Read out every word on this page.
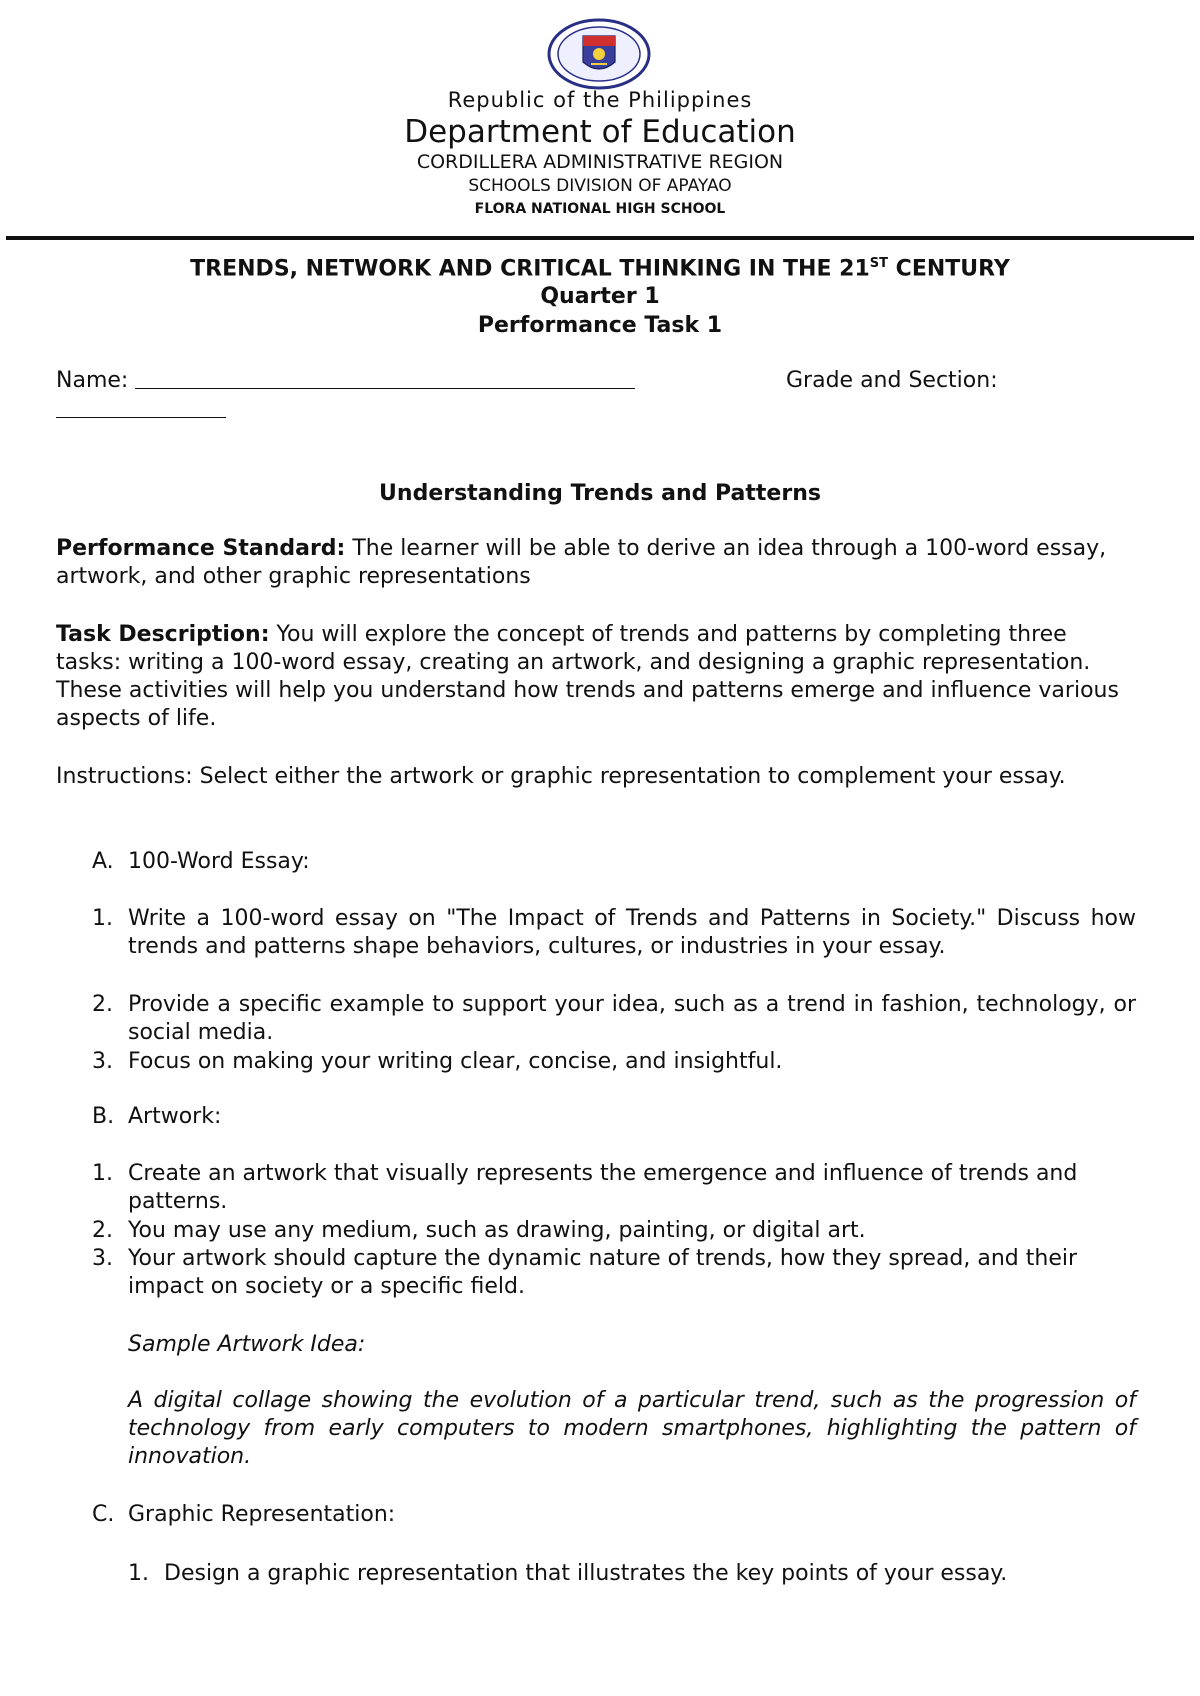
Republic of the Philippines
Department of Education
CORDILLERA ADMINISTRATIVE REGION
SCHOOLS DIVISION OF APAYAO
FLORA NATIONAL HIGH SCHOOL
TRENDS, NETWORK AND CRITICAL THINKING IN THE 21ST CENTURY
Quarter 1
Performance Task 1
Name:	Grade and Section:
Understanding Trends and Patterns
Performance Standard: The learner will be able to derive an idea through a 100-word essay, artwork, and other graphic representations
Task Description: You will explore the concept of trends and patterns by completing three tasks: writing a 100-word essay, creating an artwork, and designing a graphic representation. These activities will help you understand how trends and patterns emerge and influence various aspects of life.
Instructions: Select either the artwork or graphic representation to complement your essay.
A. 100-Word Essay:
1. Write a 100-word essay on "The Impact of Trends and Patterns in Society." Discuss how trends and patterns shape behaviors, cultures, or industries in your essay.
2. Provide a specific example to support your idea, such as a trend in fashion, technology, or social media.
3. Focus on making your writing clear, concise, and insightful.
B. Artwork:
1. Create an artwork that visually represents the emergence and influence of trends and patterns.
2. You may use any medium, such as drawing, painting, or digital art.
3. Your artwork should capture the dynamic nature of trends, how they spread, and their impact on society or a specific field.
Sample Artwork Idea:
A digital collage showing the evolution of a particular trend, such as the progression of technology from early computers to modern smartphones, highlighting the pattern of innovation.
C. Graphic Representation:
1. Design a graphic representation that illustrates the key points of your essay.
